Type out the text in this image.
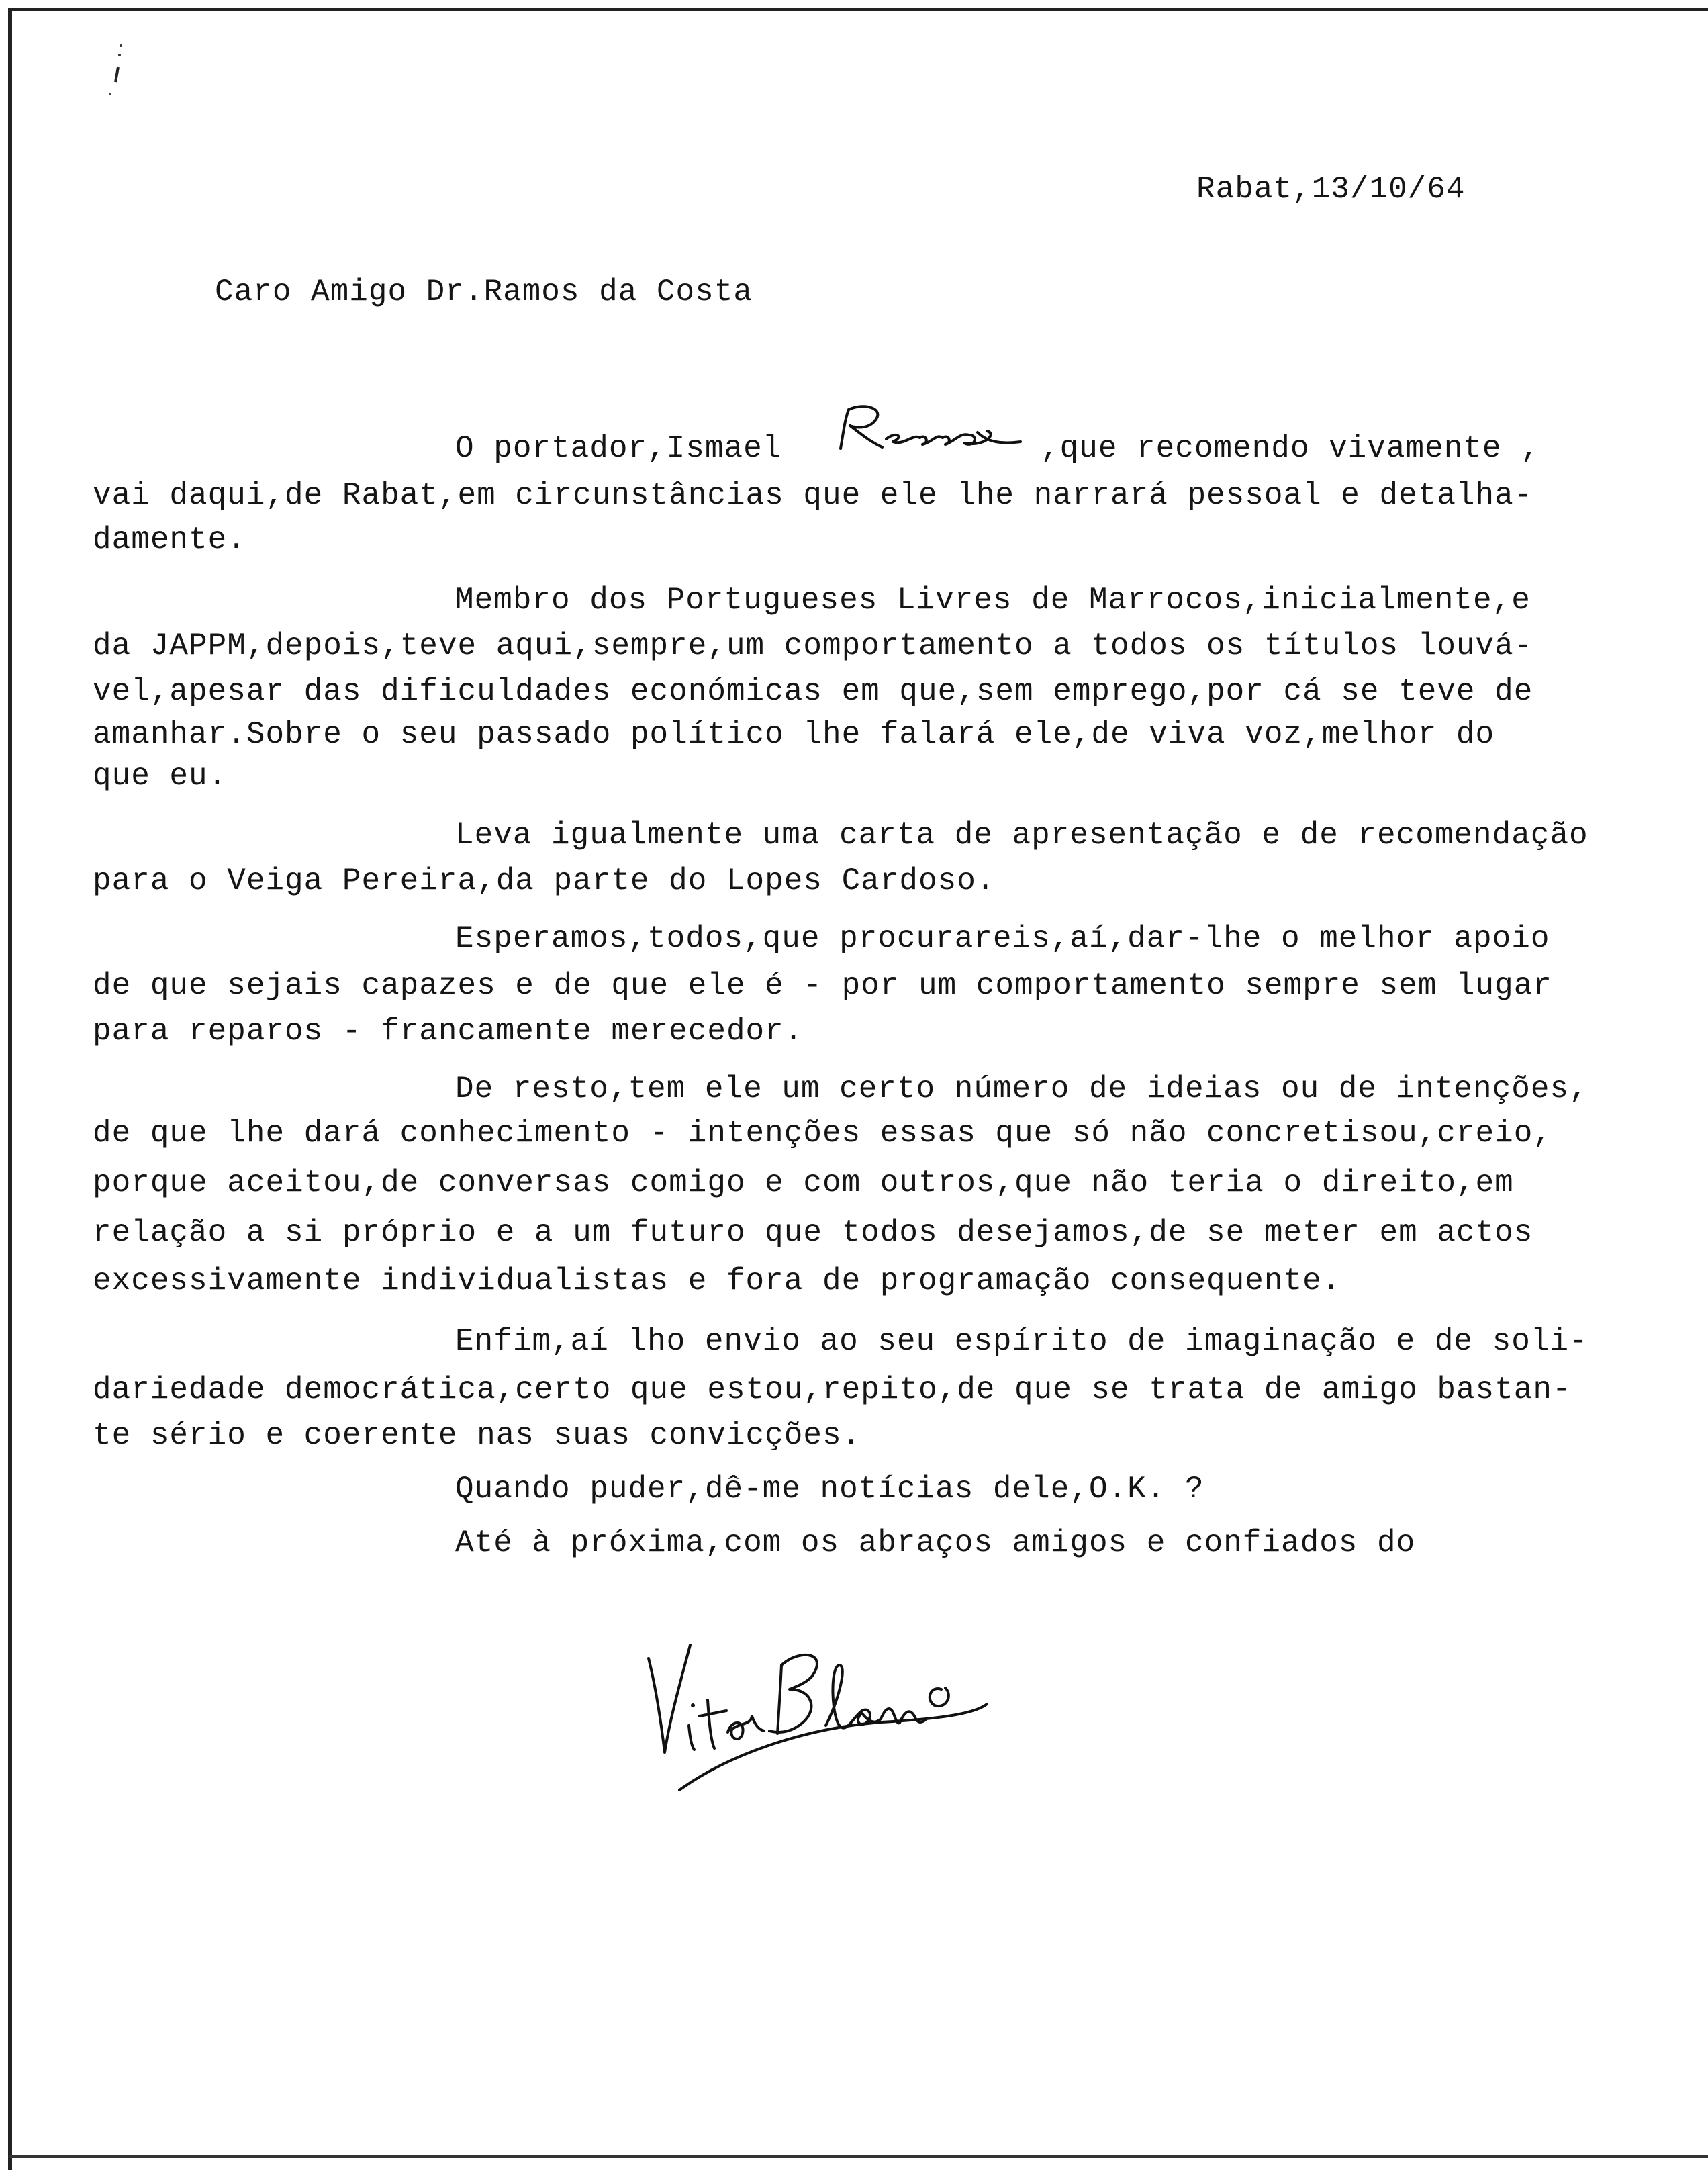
Rabat,13/10/64
Caro Amigo Dr.Ramos da Costa
O portador,Ismael	,que recomendo vivamente ,
vai daqui,de Rabat,em circunstâncias que ele lhe narrará pessoal e detalha-
damente.
Membro dos Portugueses Livres de Marrocos,inicialmente,e
da JAPPM,depois,teve aqui,sempre,um comportamento a todos os títulos louvá-
vel,apesar das dificuldades económicas em que,sem emprego,por cá se teve de
amanhar.Sobre o seu passado político lhe falará ele,de viva voz,melhor do
que eu.
Leva igualmente uma carta de apresentação e de recomendação
para o Veiga Pereira,da parte do Lopes Cardoso.
Esperamos,todos,que procurareis,aí,dar-lhe o melhor apoio
de que sejais capazes e de que ele é - por um comportamento sempre sem lugar
para reparos - francamente merecedor.
De resto,tem ele um certo número de ideias ou de intenções,
de que lhe dará conhecimento - intenções essas que só não concretisou,creio,
porque aceitou,de conversas comigo e com outros,que não teria o direito,em
relação a si próprio e a um futuro que todos desejamos,de se meter em actos
excessivamente individualistas e fora de programação consequente.
Enfim,aí lho envio ao seu espírito de imaginação e de soli-
dariedade democrática,certo que estou,repito,de que se trata de amigo bastan-
te sério e coerente nas suas convicções.
Quando puder,dê-me notícias dele,O.K. ?
Até à próxima,com os abraços amigos e confiados do
